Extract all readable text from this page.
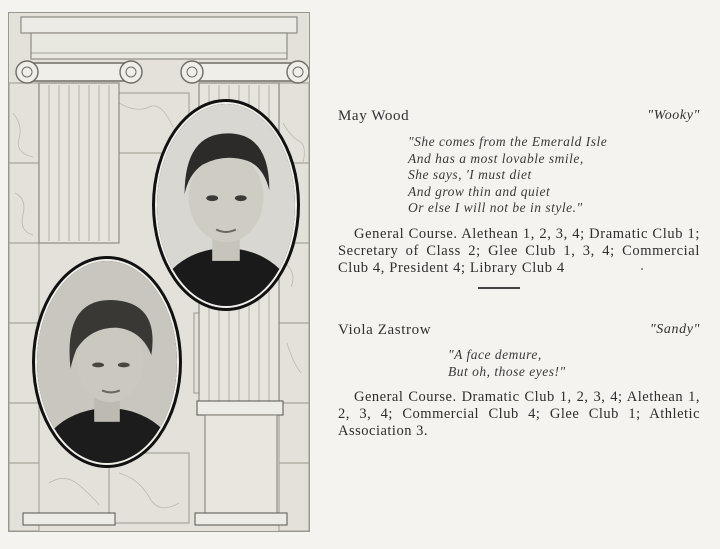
May Wood	"Wooky"
"She comes from the Emerald Isle
And has a most lovable smile,
She says, 'I must diet
And grow thin and quiet
Or else I will not be in style."
General Course. Alethean 1, 2, 3, 4; Dramatic Club 1; Secretary of Class 2; Glee Club 1, 3, 4; Commercial Club 4, President 4; Library Club 4
Viola Zastrow	"Sandy"
"A face demure,
But oh, those eyes!"
General Course. Dramatic Club 1, 2, 3, 4; Alethean 1, 2, 3, 4; Commercial Club 4; Glee Club 1; Athletic Association 3.
